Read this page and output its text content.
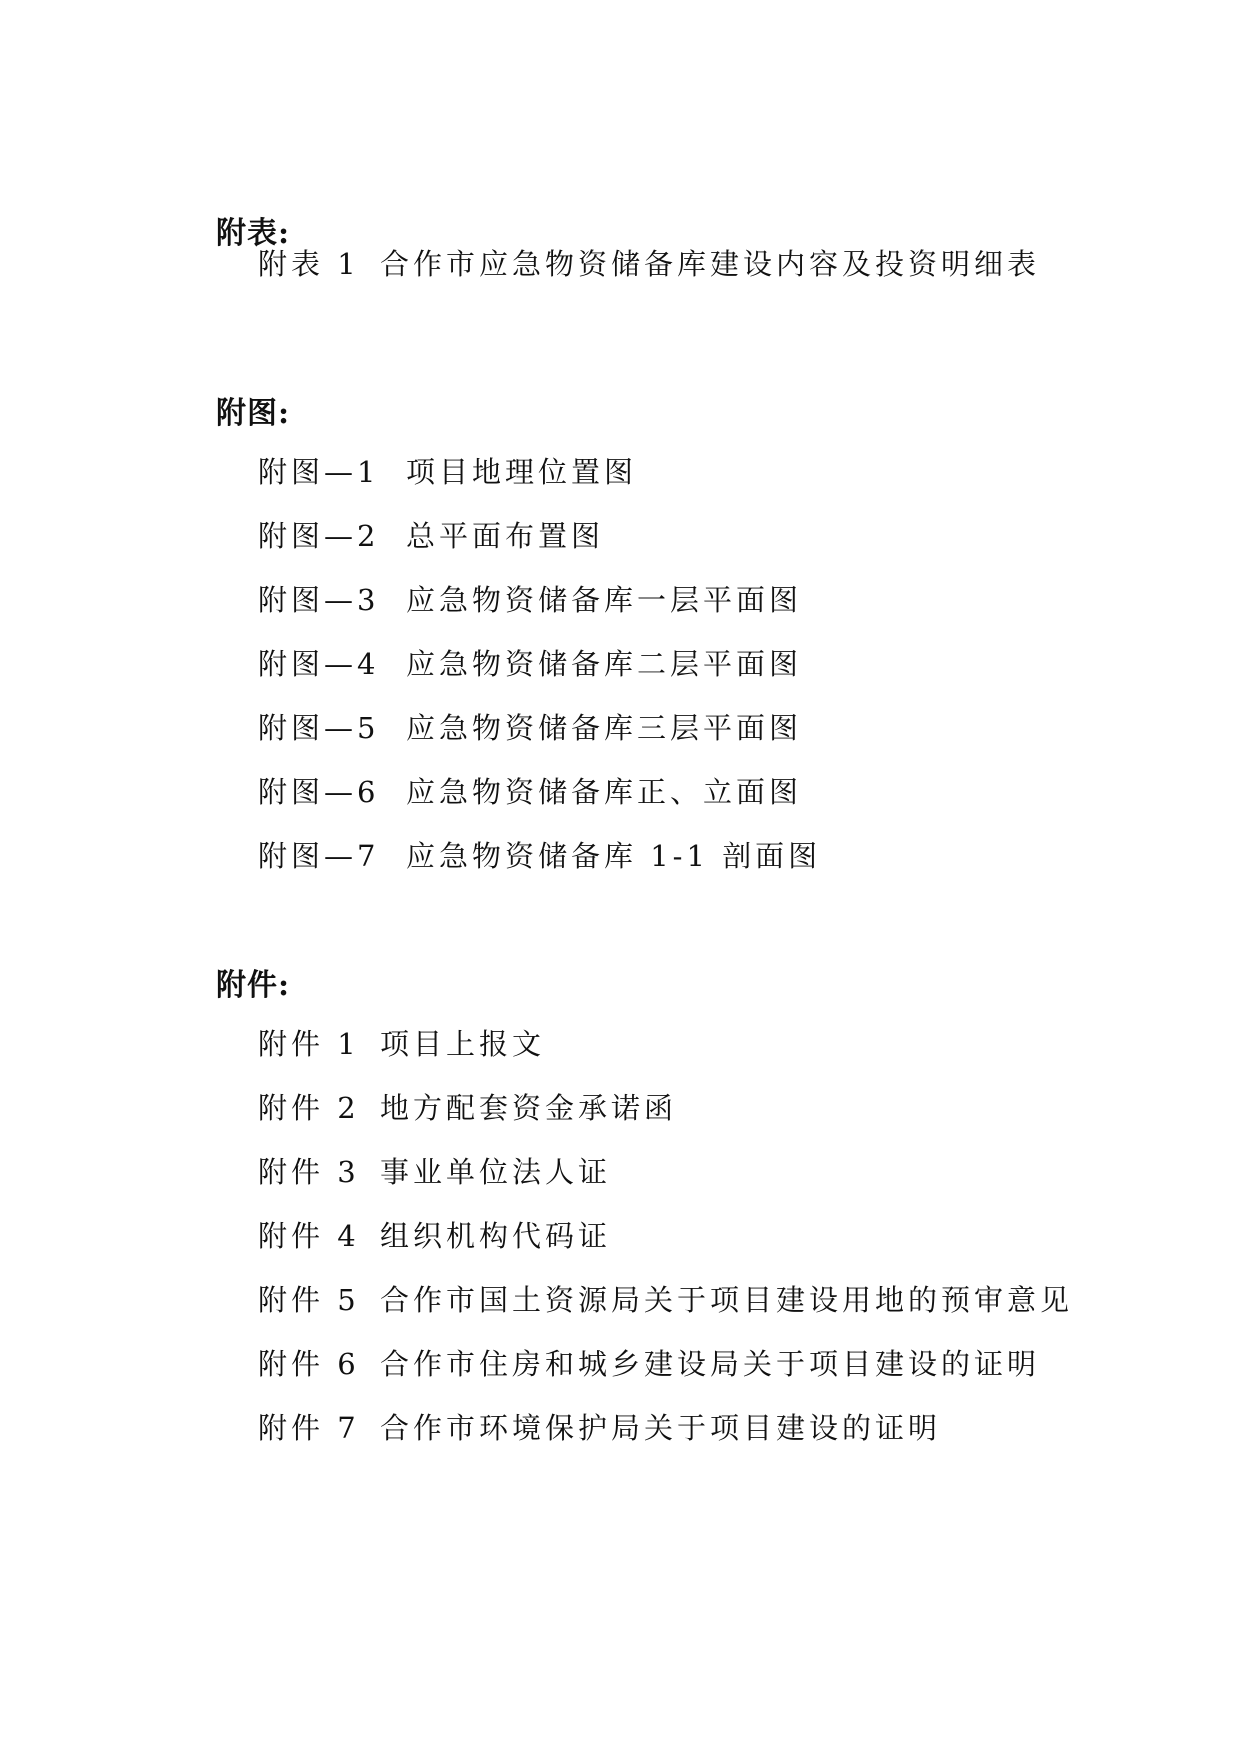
附表:
附表 1 合作市应急物资储备库建设内容及投资明细表
附图:
附图—1 项目地理位置图
附图—2 总平面布置图
附图—3 应急物资储备库一层平面图
附图—4 应急物资储备库二层平面图
附图—5 应急物资储备库三层平面图
附图—6 应急物资储备库正、立面图
附图—7 应急物资储备库 1-1 剖面图
附件:
附件 1 项目上报文
附件 2 地方配套资金承诺函
附件 3 事业单位法人证
附件 4 组织机构代码证
附件 5 合作市国土资源局关于项目建设用地的预审意见
附件 6 合作市住房和城乡建设局关于项目建设的证明
附件 7 合作市环境保护局关于项目建设的证明
